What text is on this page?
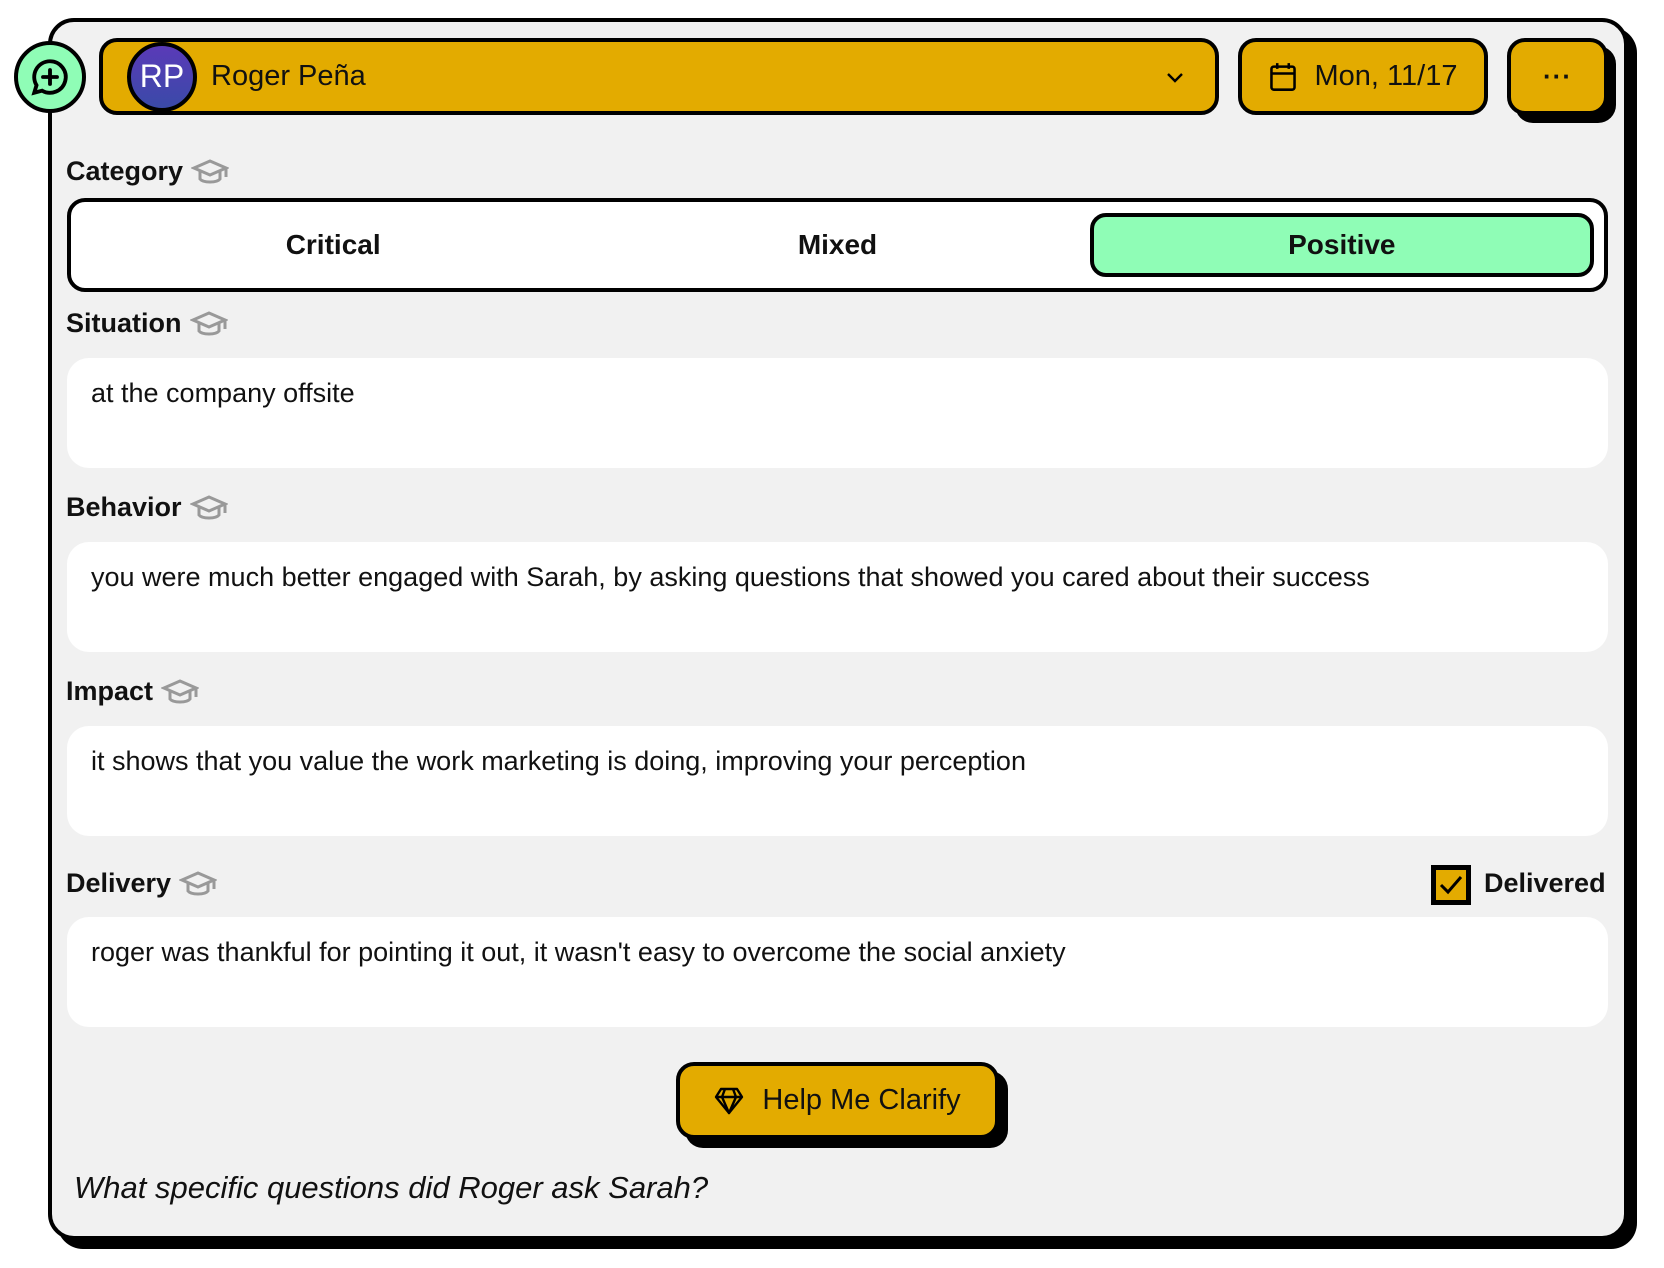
RP Roger Peña	Mon, 11/17	···
Category
Critical	Mixed	Positive
Situation
at the company offsite
Behavior
you were much better engaged with Sarah, by asking questions that showed you cared about their success
Impact
it shows that you value the work marketing is doing, improving your perception
Delivery	Delivered
roger was thankful for pointing it out, it wasn't easy to overcome the social anxiety
Help Me Clarify
What specific questions did Roger ask Sarah?
